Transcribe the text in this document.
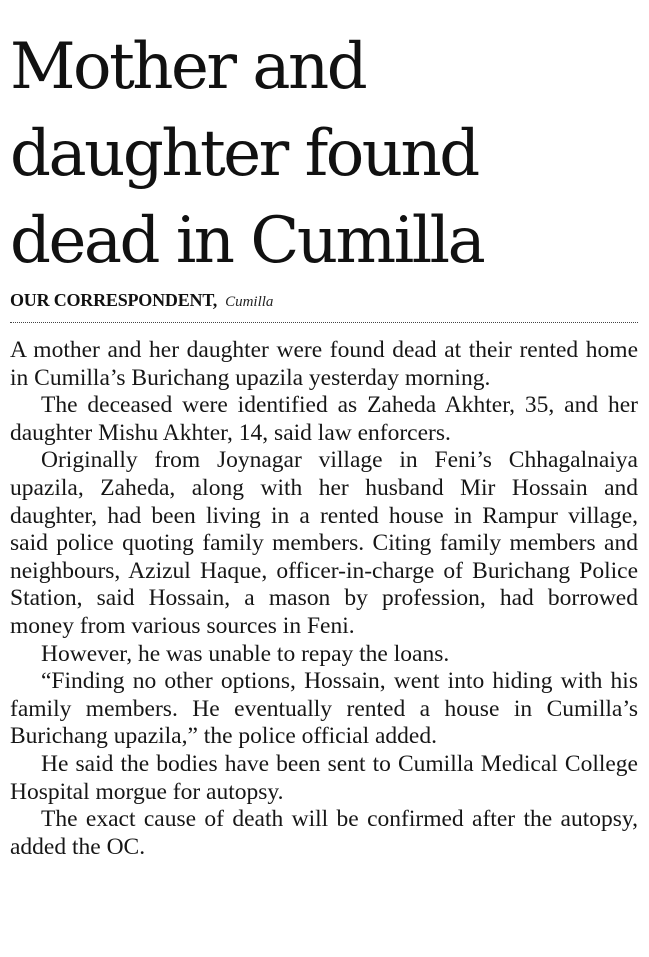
Mother and
daughter found
dead in Cumilla
OUR CORRESPONDENT, Cumilla

A mother and her daughter were found dead at their rented home in Cumilla’s Burichang upazila yesterday morning.

The deceased were identified as Zaheda Akhter, 35, and her daughter Mishu Akhter, 14, said law enforcers.

Originally from Joynagar village in Feni’s Chhagalnaiya upazila, Zaheda, along with her husband Mir Hossain and daughter, had been living in a rented house in Rampur village, said police quoting family members. Citing family members and neighbours, Azizul Haque, officer-in-charge of Burichang Police Station, said Hossain, a mason by profession, had borrowed money from various sources in Feni.

However, he was unable to repay the loans.

“Finding no other options, Hossain, went into hiding with his family members. He eventually rented a house in Cumilla’s Burichang upazila,” the police official added.

He said the bodies have been sent to Cumilla Medical College Hospital morgue for autopsy.

The exact cause of death will be confirmed after the autopsy, added the OC.
